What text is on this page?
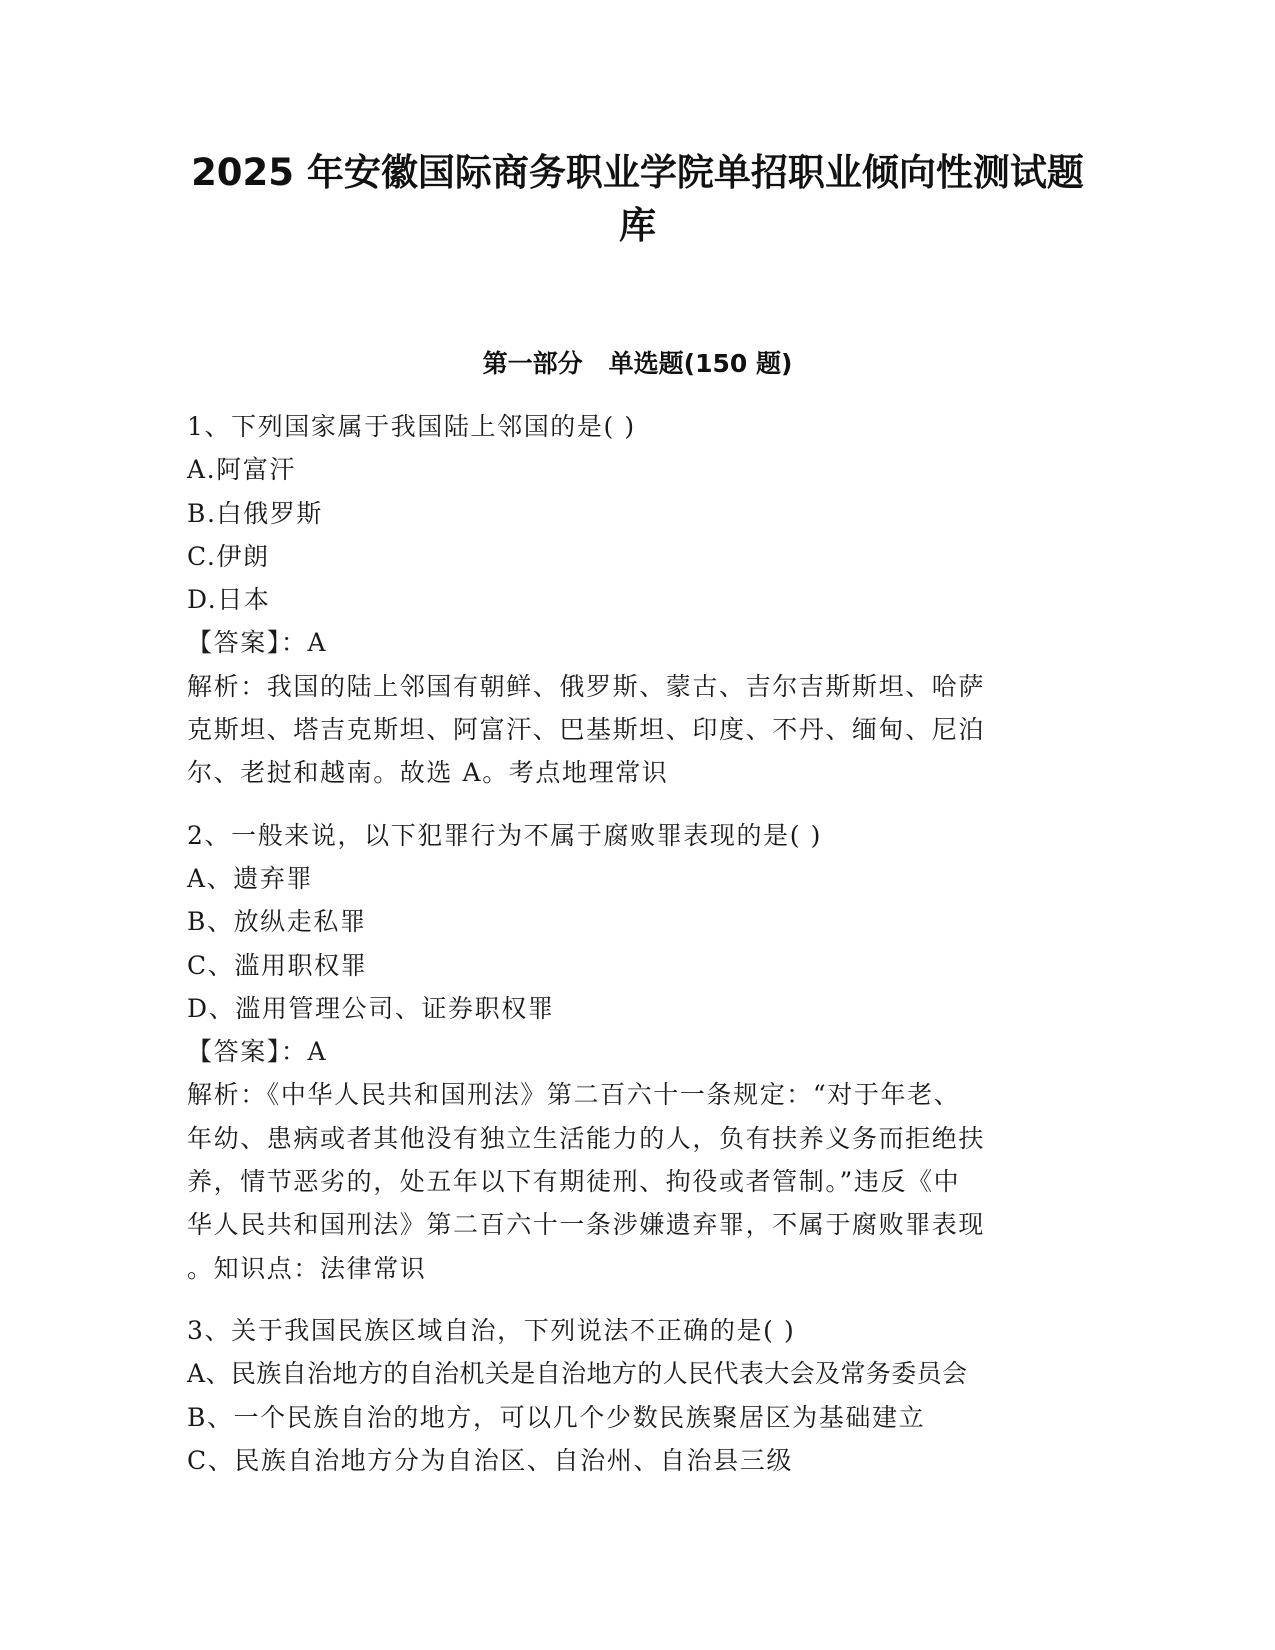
2025 年安徽国际商务职业学院单招职业倾向性测试题
库
第一部分   单选题(150 题)
1、下列国家属于我国陆上邻国的是( )
A.阿富汗
B.白俄罗斯
C.伊朗
D.日本
【答案】：A
解析：我国的陆上邻国有朝鲜、俄罗斯、蒙古、吉尔吉斯斯坦、哈萨
克斯坦、塔吉克斯坦、阿富汗、巴基斯坦、印度、不丹、缅甸、尼泊
尔、老挝和越南。故选 A。考点地理常识
2、一般来说，以下犯罪行为不属于腐败罪表现的是( )
A、遗弃罪
B、放纵走私罪
C、滥用职权罪
D、滥用管理公司、证券职权罪
【答案】：A
解析：《中华人民共和国刑法》第二百六十一条规定：“对于年老、
年幼、患病或者其他没有独立生活能力的人，负有扶养义务而拒绝扶
养，情节恶劣的，处五年以下有期徒刑、拘役或者管制。”违反《中
华人民共和国刑法》第二百六十一条涉嫌遗弃罪，不属于腐败罪表现
。知识点：法律常识
3、关于我国民族区域自治，下列说法不正确的是( )
A、民族自治地方的自治机关是自治地方的人民代表大会及常务委员会
B、一个民族自治的地方，可以几个少数民族聚居区为基础建立
C、民族自治地方分为自治区、自治州、自治县三级
